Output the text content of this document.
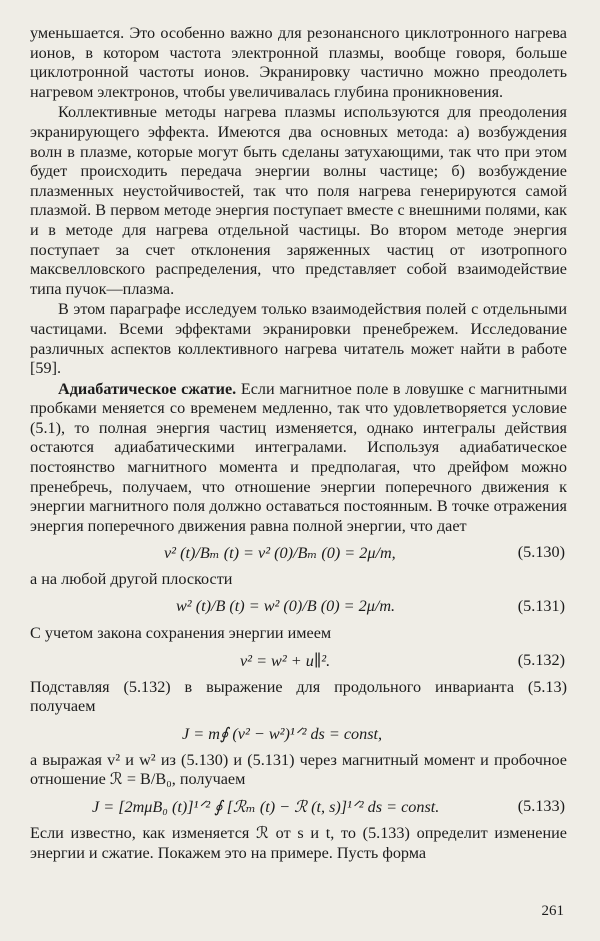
уменьшается. Это особенно важно для резонансного циклотронного нагрева ионов, в котором частота электронной плазмы, вообще говоря, больше циклотронной частоты ионов. Экранировку частично можно преодолеть нагревом электронов, чтобы увеличивалась глубина проникновения.

Коллективные методы нагрева плазмы используются для преодоления экранирующего эффекта. Имеются два основных метода: а) возбуждения волн в плазме, которые могут быть сделаны затухающими, так что при этом будет происходить передача энергии волны частице; б) возбуждение плазменных неустойчивостей, так что поля нагрева генерируются самой плазмой. В первом методе энергия поступает вместе с внешними полями, как и в методе для нагрева отдельной частицы. Во втором методе энергия поступает за счет отклонения заряженных частиц от изотропного максвелловского распределения, что представляет собой взаимодействие типа пучок—плазма.

В этом параграфе исследуем только взаимодействия полей с отдельными частицами. Всеми эффектами экранировки пренебрежем. Исследование различных аспектов коллективного нагрева читатель может найти в работе [59].

Адиабатическое сжатие. Если магнитное поле в ловушке с магнитными пробками меняется со временем медленно, так что удовлетворяется условие (5.1), то полная энергия частиц изменяется, однако интегралы действия остаются адиабатическими интегралами. Используя адиабатическое постоянство магнитного момента и предполагая, что дрейфом можно пренебречь, получаем, что отношение энергии поперечного движения к энергии магнитного поля должно оставаться постоянным. В точке отражения энергия поперечного движения равна полной энергии, что дает

v² (t)/Bₘ (t) = v² (0)/Bₘ (0) = 2μ/m,	(5.130)

а на любой другой плоскости

w² (t)/B (t) = w² (0)/B (0) = 2μ/m.	(5.131)

С учетом закона сохранения энергии имеем

v² = w² + u∥².	(5.132)

Подставляя (5.132) в выражение для продольного инварианта (5.13) получаем

J = m∮ (v² − w²)¹ᐟ² ds = const,

а выражая v² и w² из (5.130) и (5.131) через магнитный момент и пробочное отношение ℛ = B/B₀, получаем

J = [2mμB₀ (t)]¹ᐟ² ∮ [ℛₘ (t) − ℛ (t, s)]¹ᐟ² ds = const.	(5.133)

Если известно, как изменяется ℛ от s и t, то (5.133) определит изменение энергии и сжатие. Покажем это на примере. Пусть форма

261
